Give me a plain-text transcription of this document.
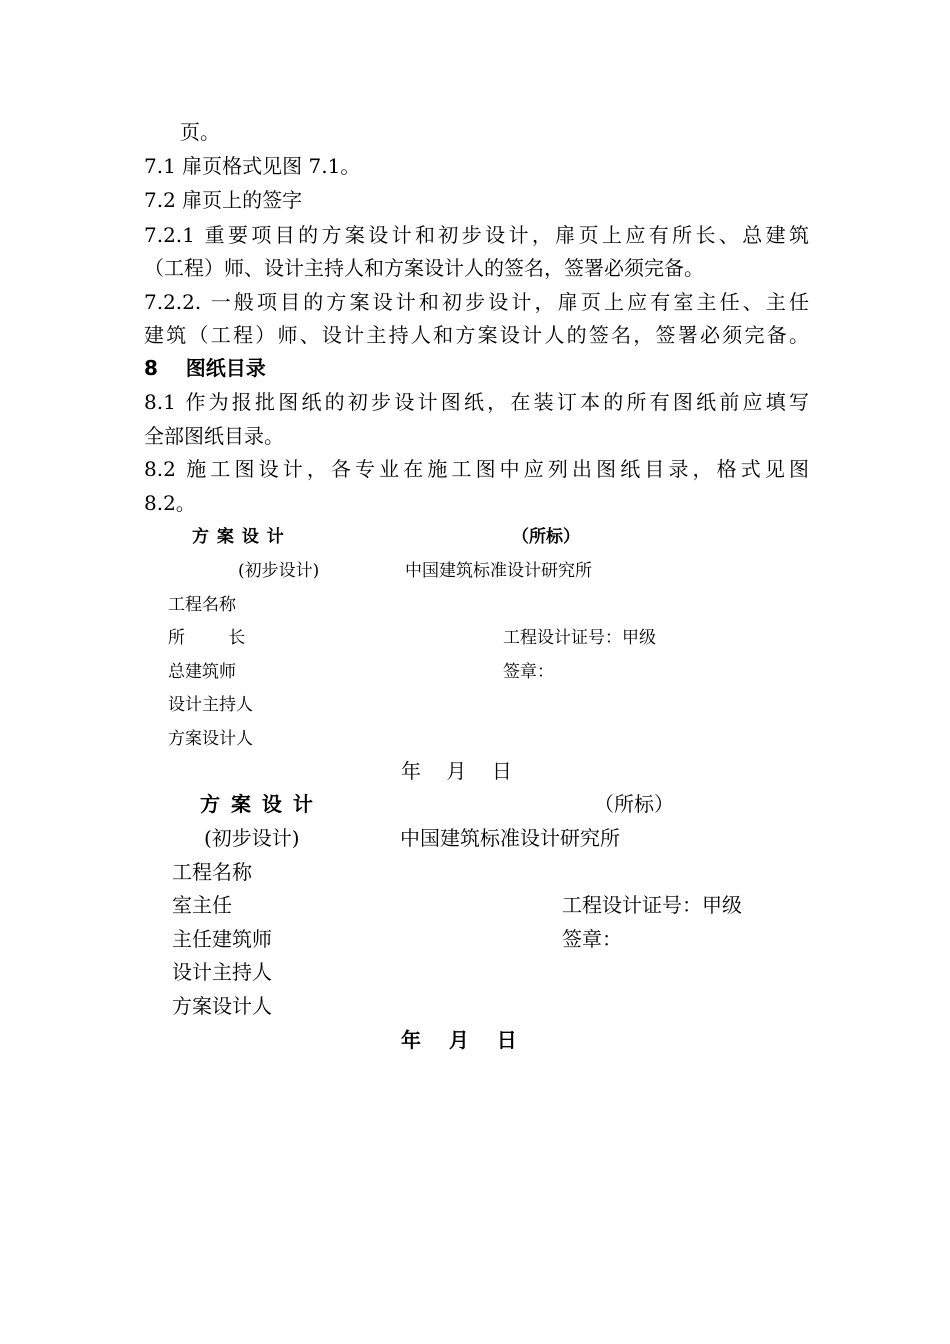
页。
7.1 扉页格式见图 7.1。
7.2 扉页上的签字
7.2.1 重要项目的方案设计和初步设计，扉页上应有所长、总建筑
（工程）师、设计主持人和方案设计人的签名，签署必须完备。
7.2.2. 一般项目的方案设计和初步设计，扉页上应有室主任、主任
建筑（工程）师、设计主持人和方案设计人的签名，签署必须完备。
8    图纸目录
8.1 作为报批图纸的初步设计图纸，在装订本的所有图纸前应填写
全部图纸目录。
8.2 施工图设计，各专业在施工图中应列出图纸目录，格式见图
8.2。
方 案 设 计	（所标）
(初步设计)	中国建筑标准设计研究所
工程名称
所        长	工程设计证号：甲级
总建筑师	签章：
设计主持人
方案设计人
年    月    日
方 案 设 计	（所标）
(初步设计)	中国建筑标准设计研究所
工程名称
室主任	工程设计证号：甲级
主任建筑师	签章：
设计主持人
方案设计人
年    月    日
